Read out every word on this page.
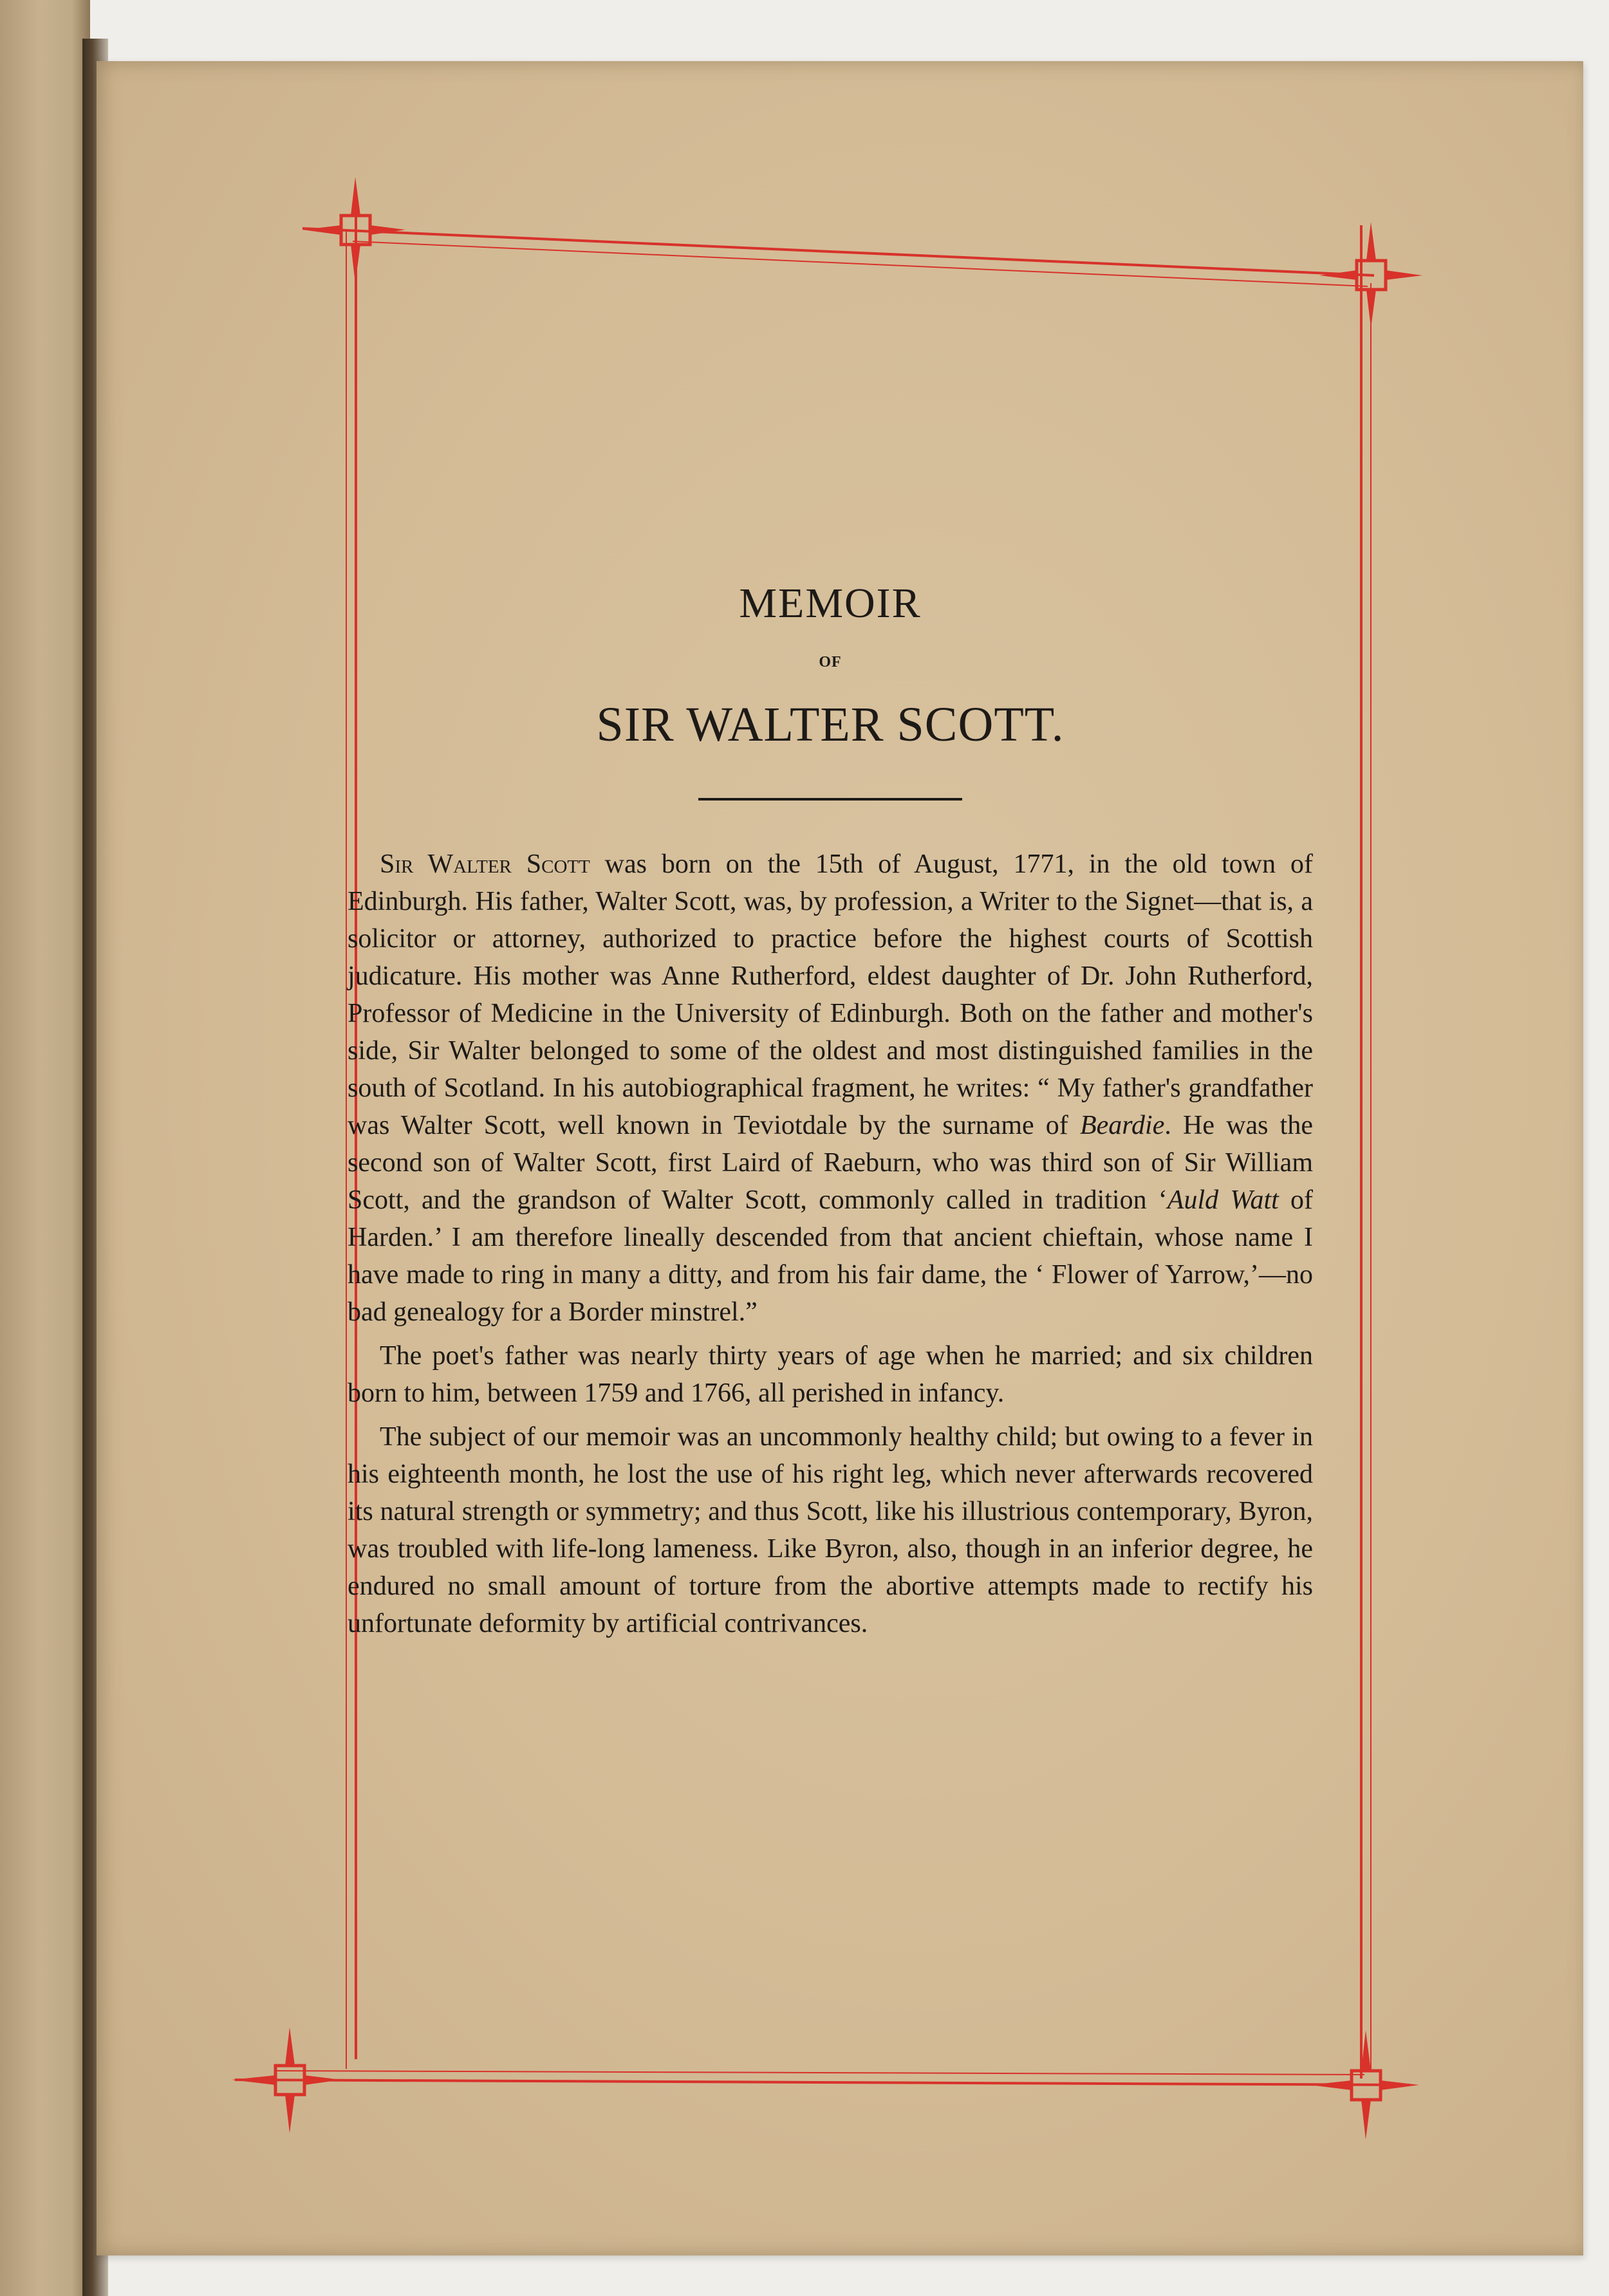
MEMOIR
OF
SIR WALTER SCOTT.

Sir Walter Scott was born on the 15th of August, 1771, in the old town of Edinburgh. His father, Walter Scott, was, by profession, a Writer to the Signet—that is, a solicitor or attorney, authorized to practice before the highest courts of Scottish judicature. His mother was Anne Rutherford, eldest daughter of Dr. John Rutherford, Professor of Medicine in the University of Edinburgh. Both on the father and mother's side, Sir Walter belonged to some of the oldest and most distinguished families in the south of Scotland. In his autobiographical fragment, he writes: “ My father's grandfather was Walter Scott, well known in Teviotdale by the surname of Beardie. He was the second son of Walter Scott, first Laird of Raeburn, who was third son of Sir William Scott, and the grandson of Walter Scott, commonly called in tradition ‘Auld Watt of Harden.’ I am therefore lineally descended from that ancient chieftain, whose name I have made to ring in many a ditty, and from his fair dame, the ‘ Flower of Yarrow,’—no bad genealogy for a Border minstrel.”

The poet's father was nearly thirty years of age when he married; and six children born to him, between 1759 and 1766, all perished in infancy.

The subject of our memoir was an uncommonly healthy child; but owing to a fever in his eighteenth month, he lost the use of his right leg, which never afterwards recovered its natural strength or symmetry; and thus Scott, like his illustrious contemporary, Byron, was troubled with life-long lameness. Like Byron, also, though in an inferior degree, he endured no small amount of torture from the abortive attempts made to rectify his unfortunate deformity by artificial contrivances.
